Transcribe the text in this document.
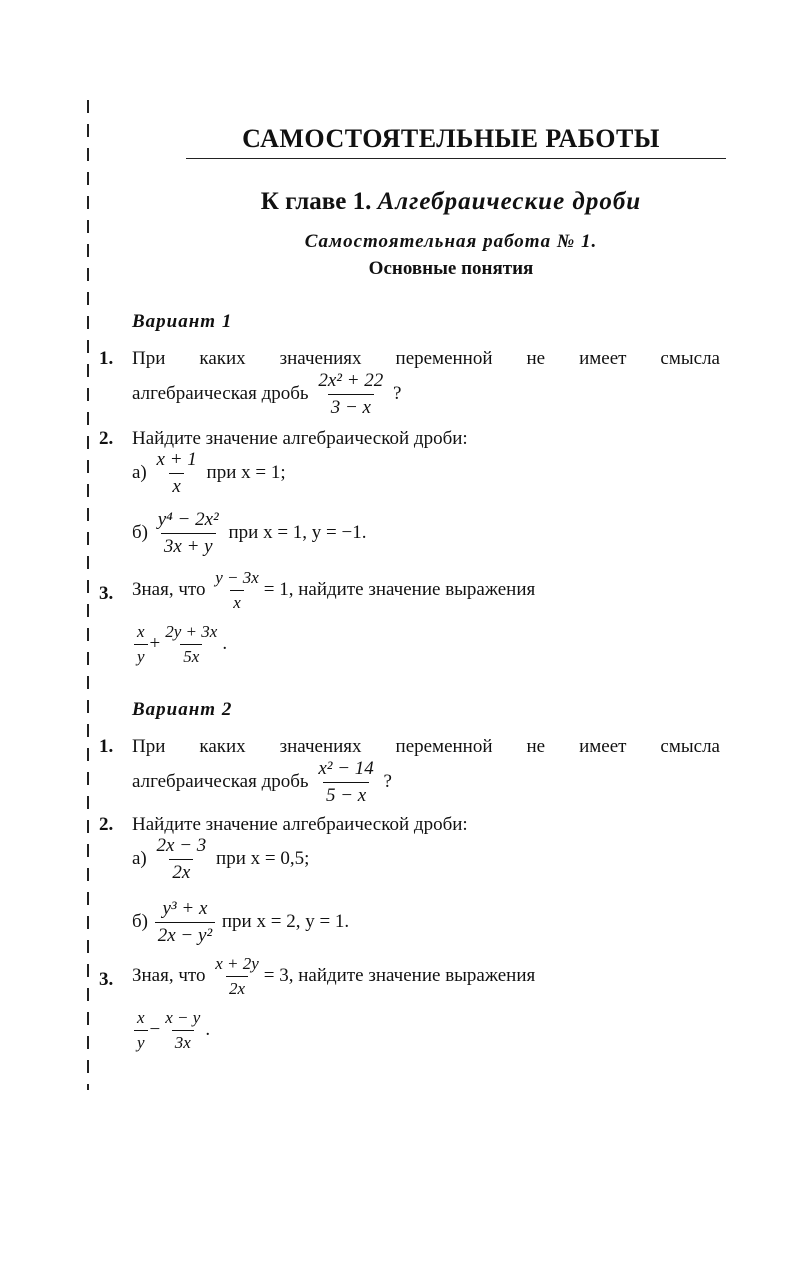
САМОСТОЯТЕЛЬНЫЕ РАБОТЫ
К главе 1. Алгебраические дроби
Самостоятельная работа № 1.
Основные понятия
Вариант 1
1. При каких значениях переменной не имеет смысла
алгебраическая дробь $\frac{\text{2x² + 22}}{3 - x}$ ?
2. Найдите значение алгебраической дроби:
$а) \frac{x + 1}{x}$ при x = 1;
$б) \frac{\text{y⁴ − 2x²}}{3x + y}$ при x = 1, y = −1.
3. Зная, что $\frac{y - 3x}{x} = 1$, найдите значение выражения
$\frac{x}{y} + \frac{2y + 3x}{5x}$ .
Вариант 2
1. При каких значениях переменной не имеет смысла
алгебраическая дробь $\frac{\text{x² − 14}}{5 - x}$ ?
2. Найдите значение алгебраической дроби:
$а) \frac{2x - 3}{2x}$ при x = 0,5;
$б) \frac{\text{y³ + x}}{\text{2x − y²}}$ при x = 2, y = 1.
3. Зная, что $\frac{x + 2y}{2x} = 3$, найдите значение выражения
$\frac{x}{y} - \frac{x - y}{3x}$ .
